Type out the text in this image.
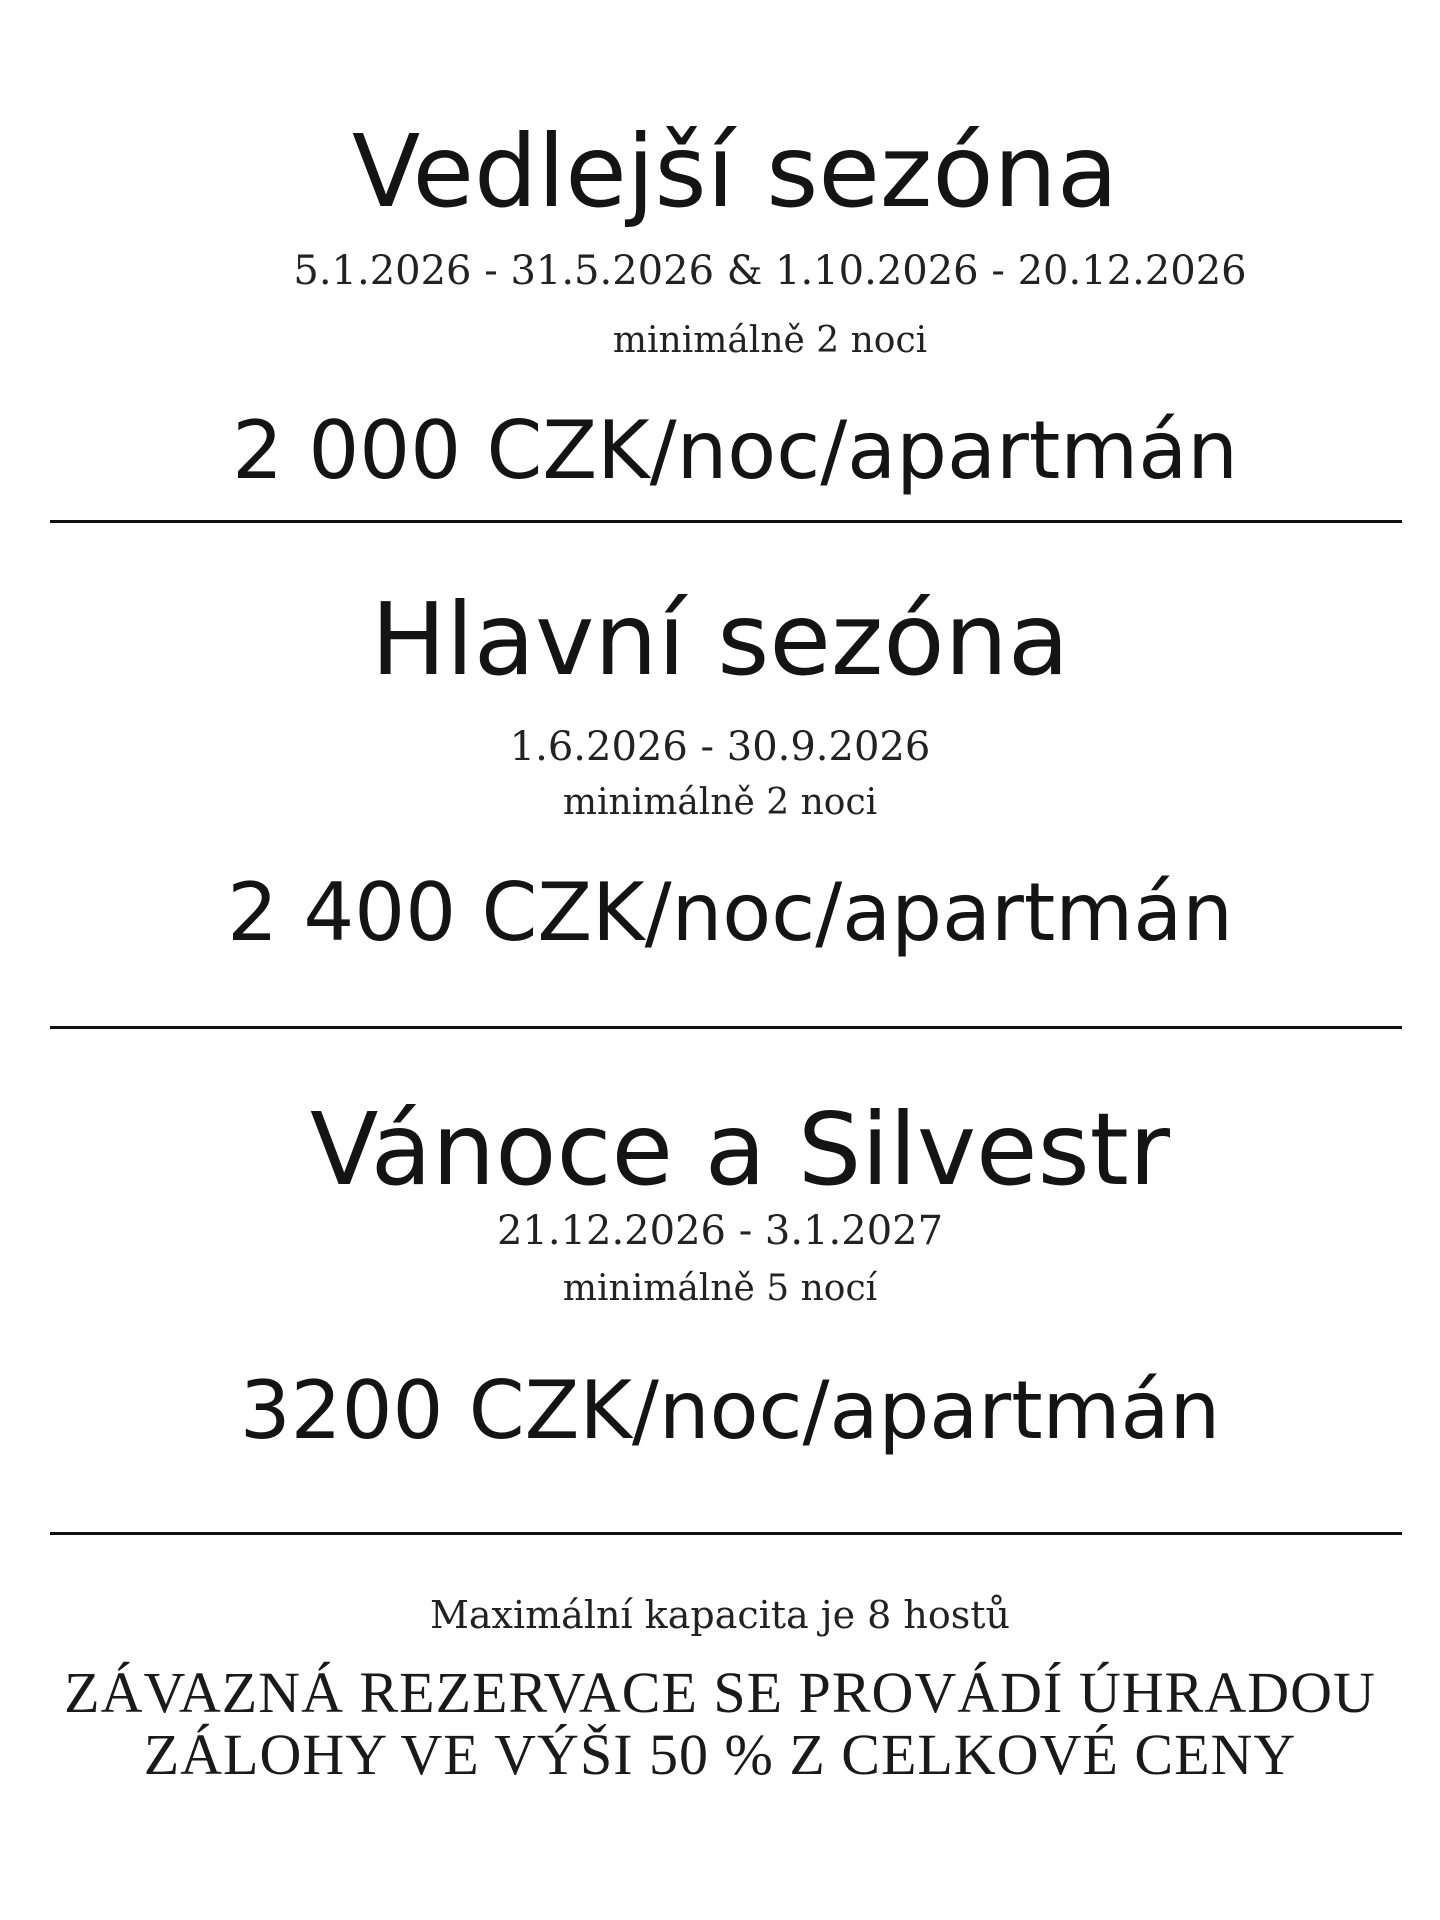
Vedlejší sezóna
5.1.2026 - 31.5.2026 & 1.10.2026 - 20.12.2026
minimálně 2 noci
2 000 CZK/noc/apartmán
Hlavní sezóna
1.6.2026 - 30.9.2026
minimálně 2 noci
2 400 CZK/noc/apartmán
Vánoce a Silvestr
21.12.2026 - 3.1.2027
minimálně 5 nocí
3200 CZK/noc/apartmán
Maximální kapacita je 8 hostů
ZÁVAZNÁ REZERVACE SE PROVÁDÍ ÚHRADOU
ZÁLOHY VE VÝŠI 50 % Z CELKOVÉ CENY
